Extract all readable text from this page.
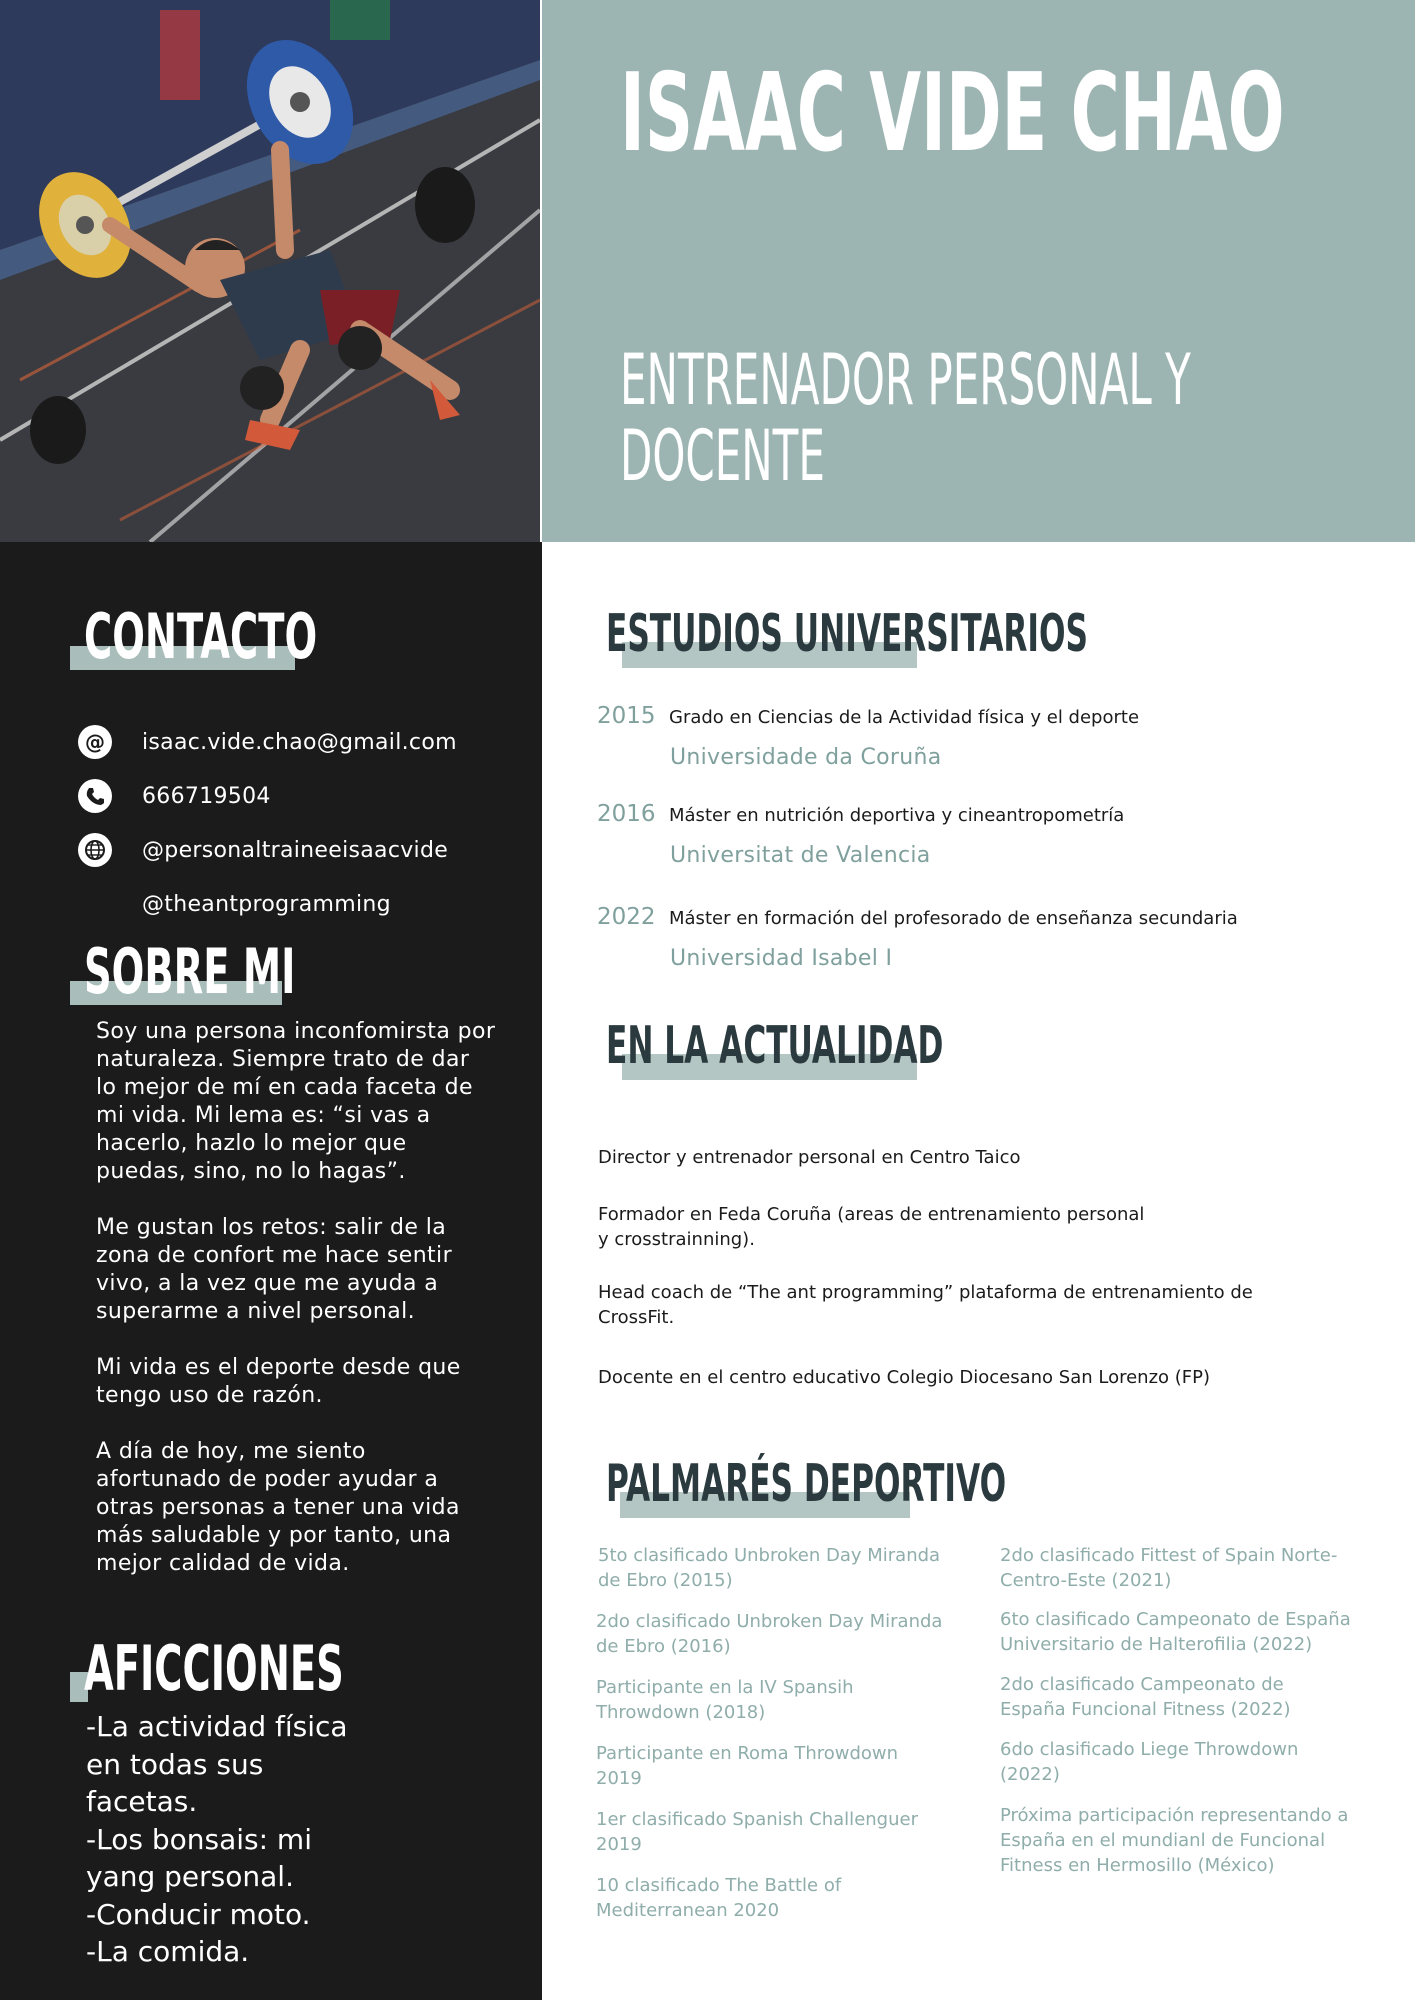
ISAAC VIDE CHAO
ENTRENADOR PERSONAL Y
DOCENTE
CONTACTO
@	isaac.vide.chao@gmail.com
666719504
@personaltraineeisaacvide
@theantprogramming
SOBRE MI
AFICCIONES

Soy una persona inconfomirsta por naturaleza. Siempre trato de dar lo mejor de mí en cada faceta de mi vida. Mi lema es: “si vas a hacerlo, hazlo lo mejor que puedas, sino, no lo hagas”.

Me gustan los retos: salir de la zona de confort me hace sentir vivo, a la vez que me ayuda a superarme a nivel personal.

Mi vida es el deporte desde que tengo uso de razón.

A día de hoy, me siento afortunado de poder ayudar a otras personas a tener una vida más saludable y por tanto, una mejor calidad de vida.

-La actividad física
en todas sus
facetas.
-Los bonsais: mi
yang personal.
-Conducir moto.
-La comida.
ESTUDIOS UNIVERSITARIOS
2015 Grado en Ciencias de la Actividad física y el deporte
Universidade da Coruña
2016 Máster en nutrición deportiva y cineantropometría
Universitat de Valencia
2022 Máster en formación del profesorado de enseñanza secundaria
Universidad Isabel I
EN LA ACTUALIDAD
Director y entrenador personal en Centro Taico
Formador en Feda Coruña (areas de entrenamiento personal
y crosstrainning).
Head coach de “The ant programming” plataforma de entrenamiento de CrossFit.
Docente en el centro educativo Colegio Diocesano San Lorenzo (FP)
PALMARÉS DEPORTIVO
5to clasificado Unbroken Day Miranda de Ebro (2015)
2do clasificado Unbroken Day Miranda de Ebro (2016)
Participante en la IV Spansih Throwdown (2018)
Participante en Roma Throwdown 2019
1er clasificado Spanish Challenguer 2019
10 clasificado The Battle of Mediterranean 2020
2do clasificado Fittest of Spain Norte-Centro-Este (2021)
6to clasificado Campeonato de España Universitario de Halterofilia (2022)
2do clasificado Campeonato de España Funcional Fitness (2022)
6do clasificado Liege Throwdown (2022)
Próxima participación representando a España en el mundianl de Funcional Fitness en Hermosillo (México)
